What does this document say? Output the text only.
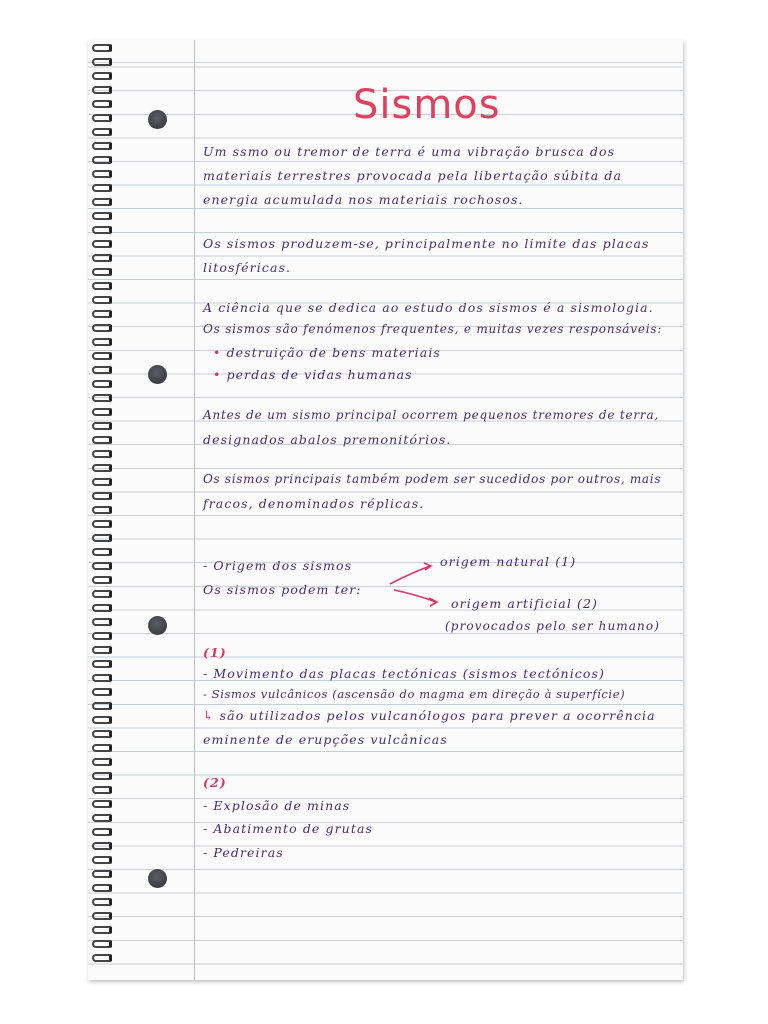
Sismos
Um ssmo ou tremor de terra é uma vibração brusca dos
materiais terrestres provocada pela libertação súbita da
energia acumulada nos materiais rochosos.
Os sismos produzem-se, principalmente no limite das placas
litosféricas.
A ciência que se dedica ao estudo dos sismos é a sismologia.
Os sismos são fenómenos frequentes, e muitas vezes responsáveis:
• destruição de bens materiais
• perdas de vidas humanas
Antes de um sismo principal ocorrem pequenos tremores de terra,
designados abalos premonitórios.
Os sismos principais também podem ser sucedidos por outros, mais
fracos, denominados réplicas.
- Origem dos sismos
Os sismos podem ter:
origem natural (1)
origem artificial (2)
(provocados pelo ser humano)
(1)
- Movimento das placas tectónicas (sismos tectónicos)
- Sismos vulcânicos (ascensão do magma em direção à superfície)
↳ são utilizados pelos vulcanólogos para prever a ocorrência
eminente de erupções vulcânicas
(2)
- Explosão de minas
- Abatimento de grutas
- Pedreiras
